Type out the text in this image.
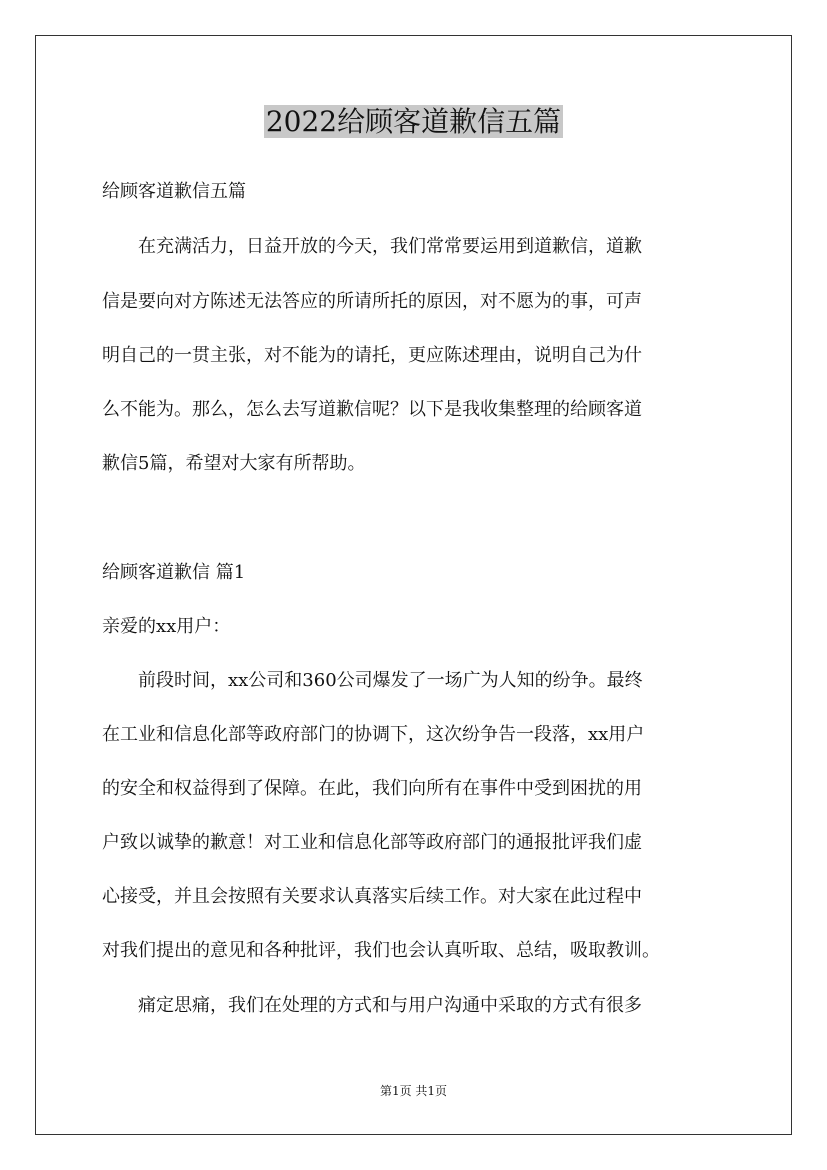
2022给顾客道歉信五篇

给顾客道歉信五篇

　　在充满活力，日益开放的今天，我们常常要运用到道歉信，道歉

信是要向对方陈述无法答应的所请所托的原因，对不愿为的事，可声

明自己的一贯主张，对不能为的请托，更应陈述理由，说明自己为什

么不能为。那么，怎么去写道歉信呢？以下是我收集整理的给顾客道

歉信5篇，希望对大家有所帮助。

给顾客道歉信 篇1

亲爱的xx用户：

　　前段时间，xx公司和360公司爆发了一场广为人知的纷争。最终

在工业和信息化部等政府部门的协调下，这次纷争告一段落，xx用户

的安全和权益得到了保障。在此，我们向所有在事件中受到困扰的用

户致以诚挚的歉意！对工业和信息化部等政府部门的通报批评我们虚

心接受，并且会按照有关要求认真落实后续工作。对大家在此过程中

对我们提出的意见和各种批评，我们也会认真听取、总结，吸取教训。

　　痛定思痛，我们在处理的方式和与用户沟通中采取的方式有很多

第1页 共1页
